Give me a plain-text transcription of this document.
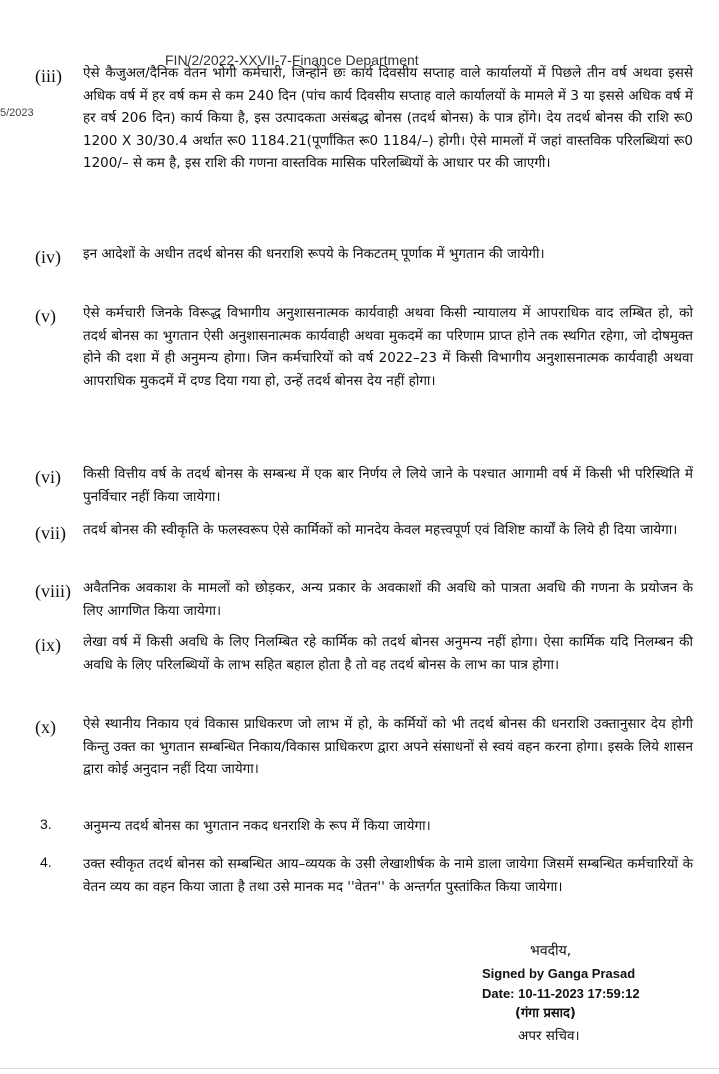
FIN/2/2022-XXVII-7-Finance Department
5/2023
(iii) ऐसे कैजुअल/दैनिक वेतन भोगी कर्मचारी, जिन्होंने छः कार्य दिवसीय सप्ताह वाले कार्यालयों में पिछले तीन वर्ष अथवा इससे अधिक वर्ष में हर वर्ष कम से कम 240 दिन (पांच कार्य दिवसीय सप्ताह वाले कार्यालयों के मामले में 3 या इससे अधिक वर्ष में हर वर्ष 206 दिन) कार्य किया है, इस उत्पादकता असंबद्ध बोनस (तदर्थ बोनस) के पात्र होंगे। देय तदर्थ बोनस की राशि रू0 1200 X 30/30.4 अर्थात रू0 1184.21(पूर्णांकित रू0 1184/–) होगी। ऐसे मामलों में जहां वास्तविक परिलब्धियां रू0 1200/– से कम है, इस राशि की गणना वास्तविक मासिक परिलब्धियों के आधार पर की जाएगी।
(iv) इन आदेशों के अधीन तदर्थ बोनस की धनराशि रूपये के निकटतम् पूर्णाक में भुगतान की जायेगी।
(v) ऐसे कर्मचारी जिनके विरूद्ध विभागीय अनुशासनात्मक कार्यवाही अथवा किसी न्यायालय में आपराधिक वाद लम्बित हो, को तदर्थ बोनस का भुगतान ऐसी अनुशासनात्मक कार्यवाही अथवा मुकदमें का परिणाम प्राप्त होने तक स्थगित रहेगा, जो दोषमुक्त होने की दशा में ही अनुमन्य होगा। जिन कर्मचारियों को वर्ष 2022–23 में किसी विभागीय अनुशासनात्मक कार्यवाही अथवा आपराधिक मुकदमें में दण्ड दिया गया हो, उन्हें तदर्थ बोनस देय नहीं होगा।
(vi) किसी वित्तीय वर्ष के तदर्थ बोनस के सम्बन्ध में एक बार निर्णय ले लिये जाने के पश्चात आगामी वर्ष में किसी भी परिस्थिति में पुनर्विचार नहीं किया जायेगा।
(vii) तदर्थ बोनस की स्वीकृति के फलस्वरूप ऐसे कार्मिकों को मानदेय केवल महत्त्वपूर्ण एवं विशिष्ट कार्यों के लिये ही दिया जायेगा।
(viii) अवैतनिक अवकाश के मामलों को छोड़कर, अन्य प्रकार के अवकाशों की अवधि को पात्रता अवधि की गणना के प्रयोजन के लिए आगणित किया जायेगा।
(ix) लेखा वर्ष में किसी अवधि के लिए निलम्बित रहे कार्मिक को तदर्थ बोनस अनुमन्य नहीं होगा। ऐसा कार्मिक यदि निलम्बन की अवधि के लिए परिलब्धियों के लाभ सहित बहाल होता है तो वह तदर्थ बोनस के लाभ का पात्र होगा।
(x) ऐसे स्थानीय निकाय एवं विकास प्राधिकरण जो लाभ में हो, के कर्मियों को भी तदर्थ बोनस की धनराशि उक्तानुसार देय होगी किन्तु उक्त का भुगतान सम्बन्धित निकाय/विकास प्राधिकरण द्वारा अपने संसाधनों से स्वयं वहन करना होगा। इसके लिये शासन द्वारा कोई अनुदान नहीं दिया जायेगा।
3. अनुमन्य तदर्थ बोनस का भुगतान नकद धनराशि के रूप में किया जायेगा।
4. उक्त स्वीकृत तदर्थ बोनस को सम्बन्धित आय–व्ययक के उसी लेखाशीर्षक के नामे डाला जायेगा जिसमें सम्बन्धित कर्मचारियों के वेतन व्यय का वहन किया जाता है तथा उसे मानक मद ''वेतन'' के अन्तर्गत पुस्तांकित किया जायेगा।
भवदीय,
Signed by Ganga Prasad
Date: 10-11-2023 17:59:12
(गंगा प्रसाद)
अपर सचिव।
